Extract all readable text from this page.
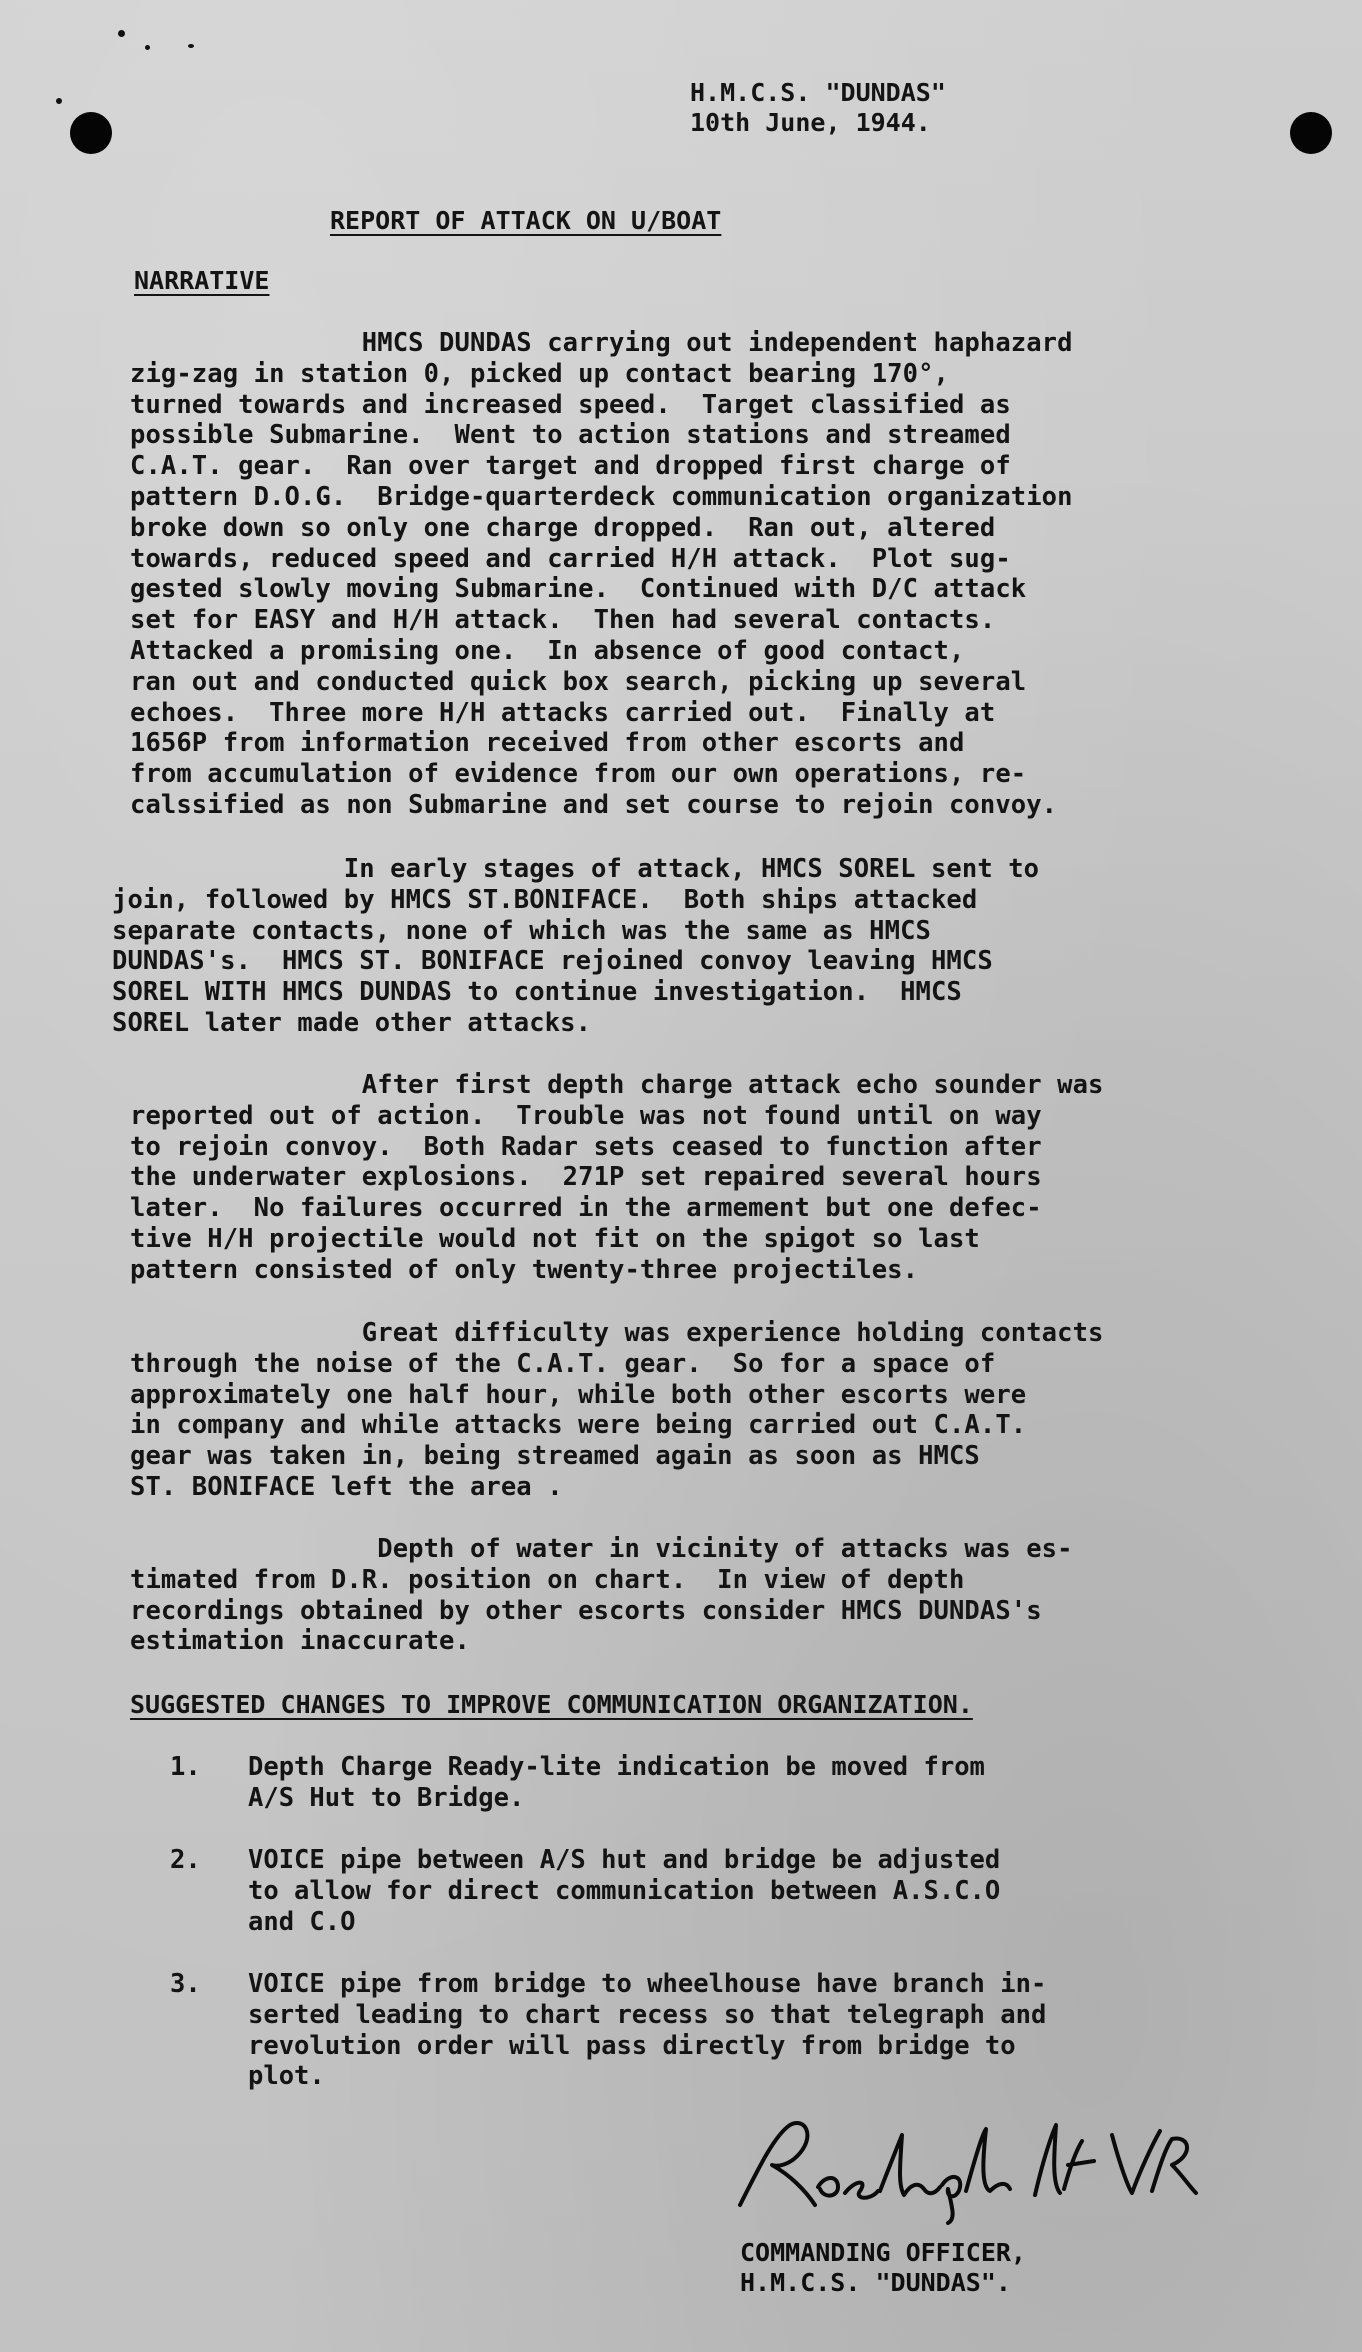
H.M.C.S. "DUNDAS"
10th June, 1944.
REPORT OF ATTACK ON U/BOAT
NARRATIVE
HMCS DUNDAS carrying out independent haphazard
zig-zag in station 0, picked up contact bearing 170°,
turned towards and increased speed.  Target classified as
possible Submarine.  Went to action stations and streamed
C.A.T. gear.  Ran over target and dropped first charge of
pattern D.O.G.  Bridge-quarterdeck communication organization
broke down so only one charge dropped.  Ran out, altered
towards, reduced speed and carried H/H attack.  Plot sug-
gested slowly moving Submarine.  Continued with D/C attack
set for EASY and H/H attack.  Then had several contacts.
Attacked a promising one.  In absence of good contact,
ran out and conducted quick box search, picking up several
echoes.  Three more H/H attacks carried out.  Finally at
1656P from information received from other escorts and
from accumulation of evidence from our own operations, re-
calssified as non Submarine and set course to rejoin convoy.
In early stages of attack, HMCS SOREL sent to
join, followed by HMCS ST.BONIFACE.  Both ships attacked
separate contacts, none of which was the same as HMCS
DUNDAS's.  HMCS ST. BONIFACE rejoined convoy leaving HMCS
SOREL WITH HMCS DUNDAS to continue investigation.  HMCS
SOREL later made other attacks.
After first depth charge attack echo sounder was
reported out of action.  Trouble was not found until on way
to rejoin convoy.  Both Radar sets ceased to function after
the underwater explosions.  271P set repaired several hours
later.  No failures occurred in the armement but one defec-
tive H/H projectile would not fit on the spigot so last
pattern consisted of only twenty-three projectiles.
Great difficulty was experience holding contacts
through the noise of the C.A.T. gear.  So for a space of
approximately one half hour, while both other escorts were
in company and while attacks were being carried out C.A.T.
gear was taken in, being streamed again as soon as HMCS
ST. BONIFACE left the area .
Depth of water in vicinity of attacks was es-
timated from D.R. position on chart.  In view of depth
recordings obtained by other escorts consider HMCS DUNDAS's
estimation inaccurate.
SUGGESTED CHANGES TO IMPROVE COMMUNICATION ORGANIZATION.
1. Depth Charge Ready-lite indication be moved from
A/S Hut to Bridge.
2. VOICE pipe between A/S hut and bridge be adjusted
to allow for direct communication between A.S.C.O
and C.O
3. VOICE pipe from bridge to wheelhouse have branch in-
serted leading to chart recess so that telegraph and
revolution order will pass directly from bridge to
plot.
COMMANDING OFFICER,
H.M.C.S. "DUNDAS".
